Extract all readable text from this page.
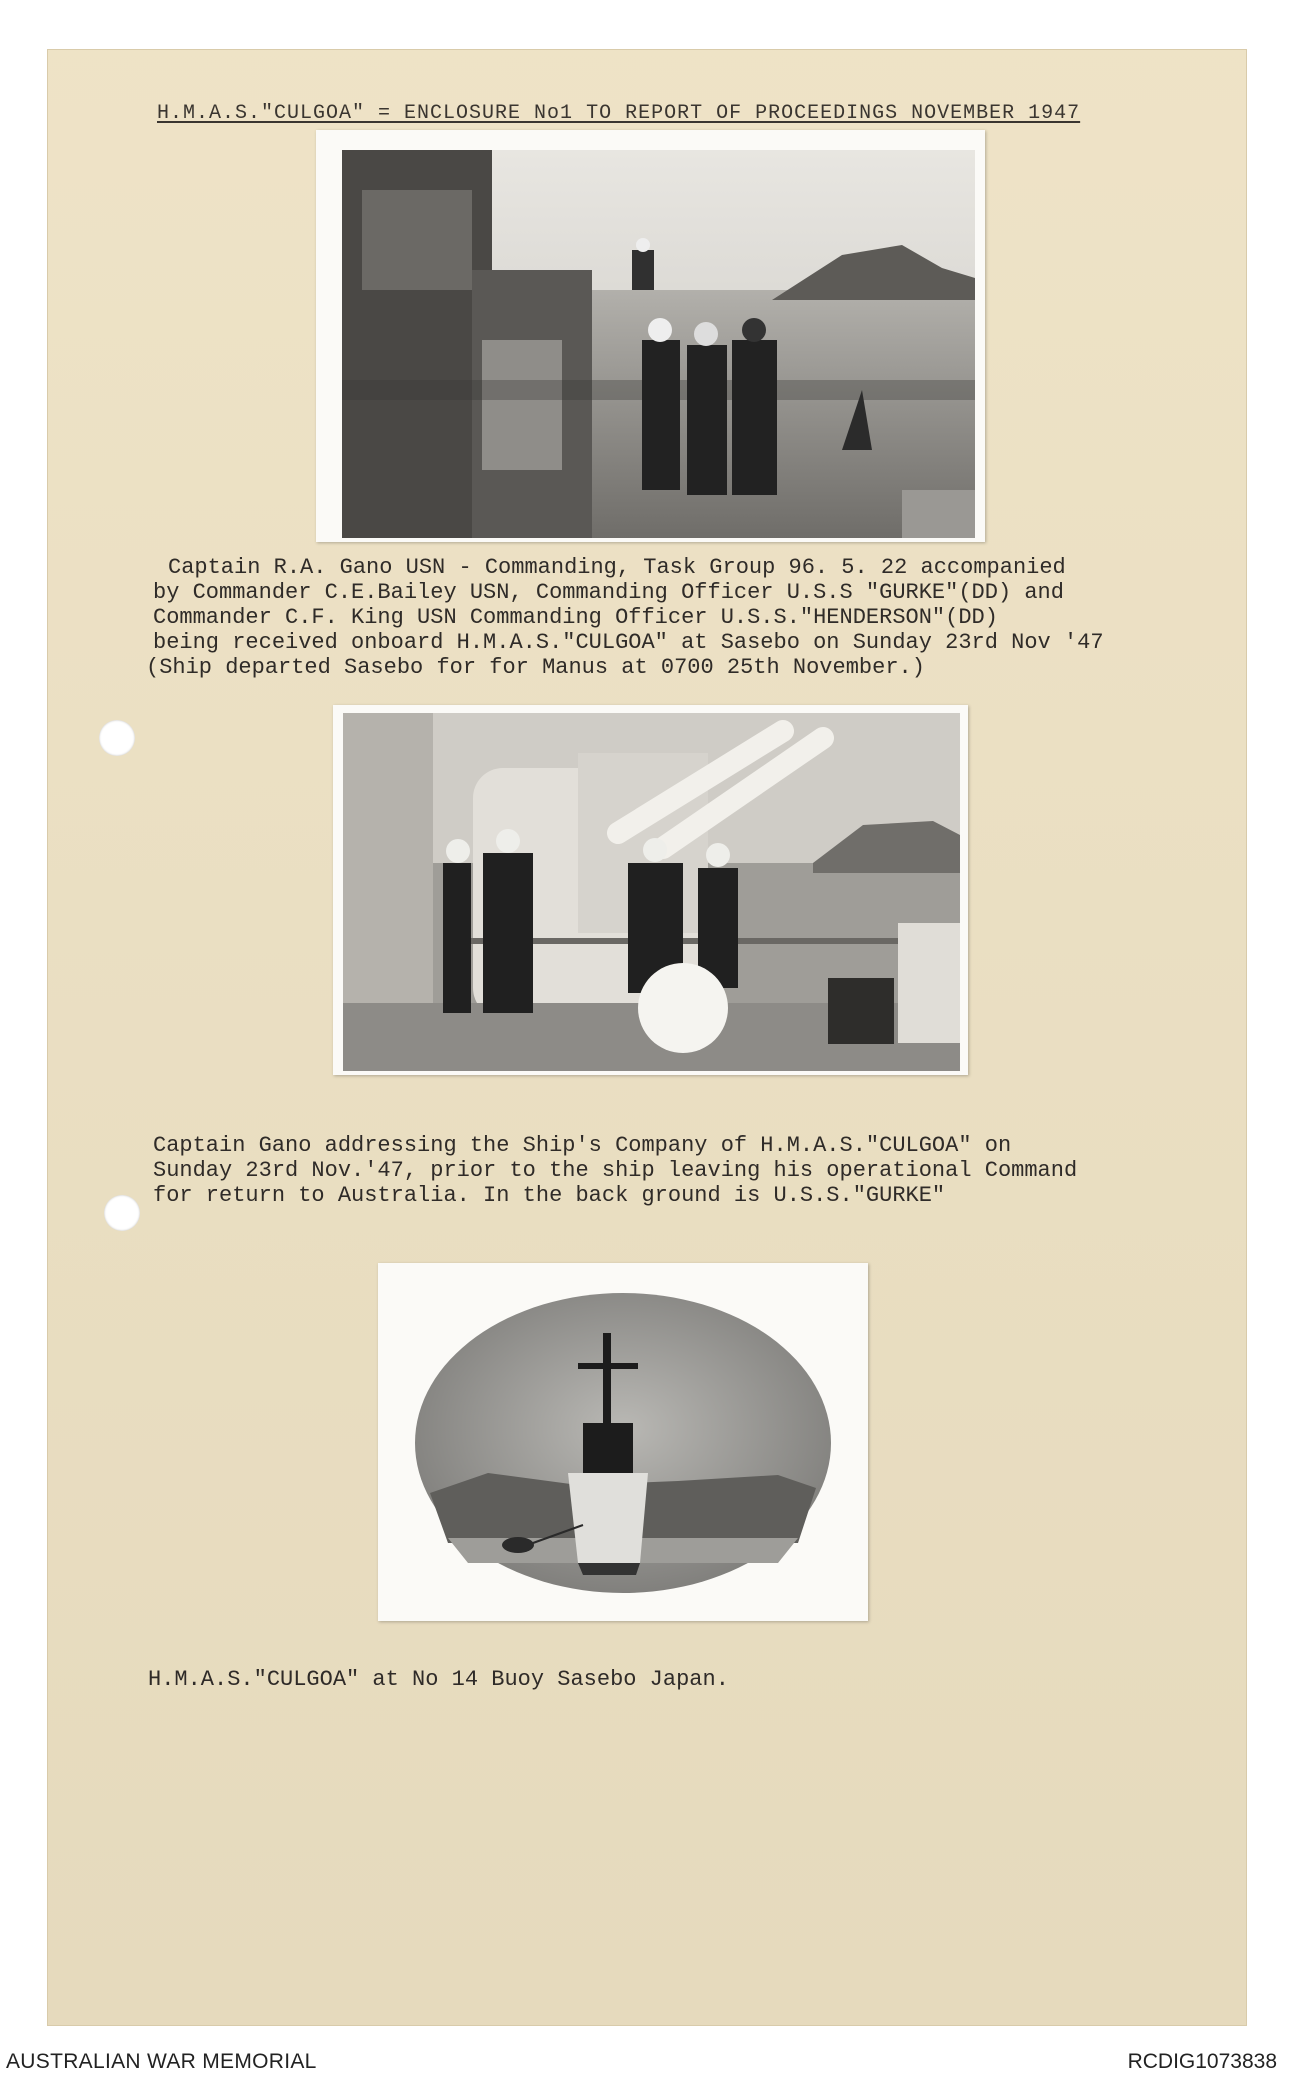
H.M.A.S."CULGOA" = ENCLOSURE No1 TO REPORT OF PROCEEDINGS NOVEMBER 1947
Captain R.A. Gano USN - Commanding, Task Group 96. 5. 22 accompanied
by Commander C.E.Bailey USN, Commanding Officer U.S.S "GURKE"(DD) and
Commander C.F. King USN Commanding Officer U.S.S."HENDERSON"(DD)
being received onboard H.M.A.S."CULGOA" at Sasebo on Sunday 23rd Nov '47
(Ship departed Sasebo for for Manus at 0700 25th November.)
Captain Gano addressing the Ship's Company of H.M.A.S."CULGOA" on
Sunday 23rd Nov.'47, prior to the ship leaving his operational Command
for return to Australia. In the back ground is U.S.S."GURKE"
H.M.A.S."CULGOA" at No 14 Buoy Sasebo Japan.
AUSTRALIAN WAR MEMORIAL	RCDIG1073838
